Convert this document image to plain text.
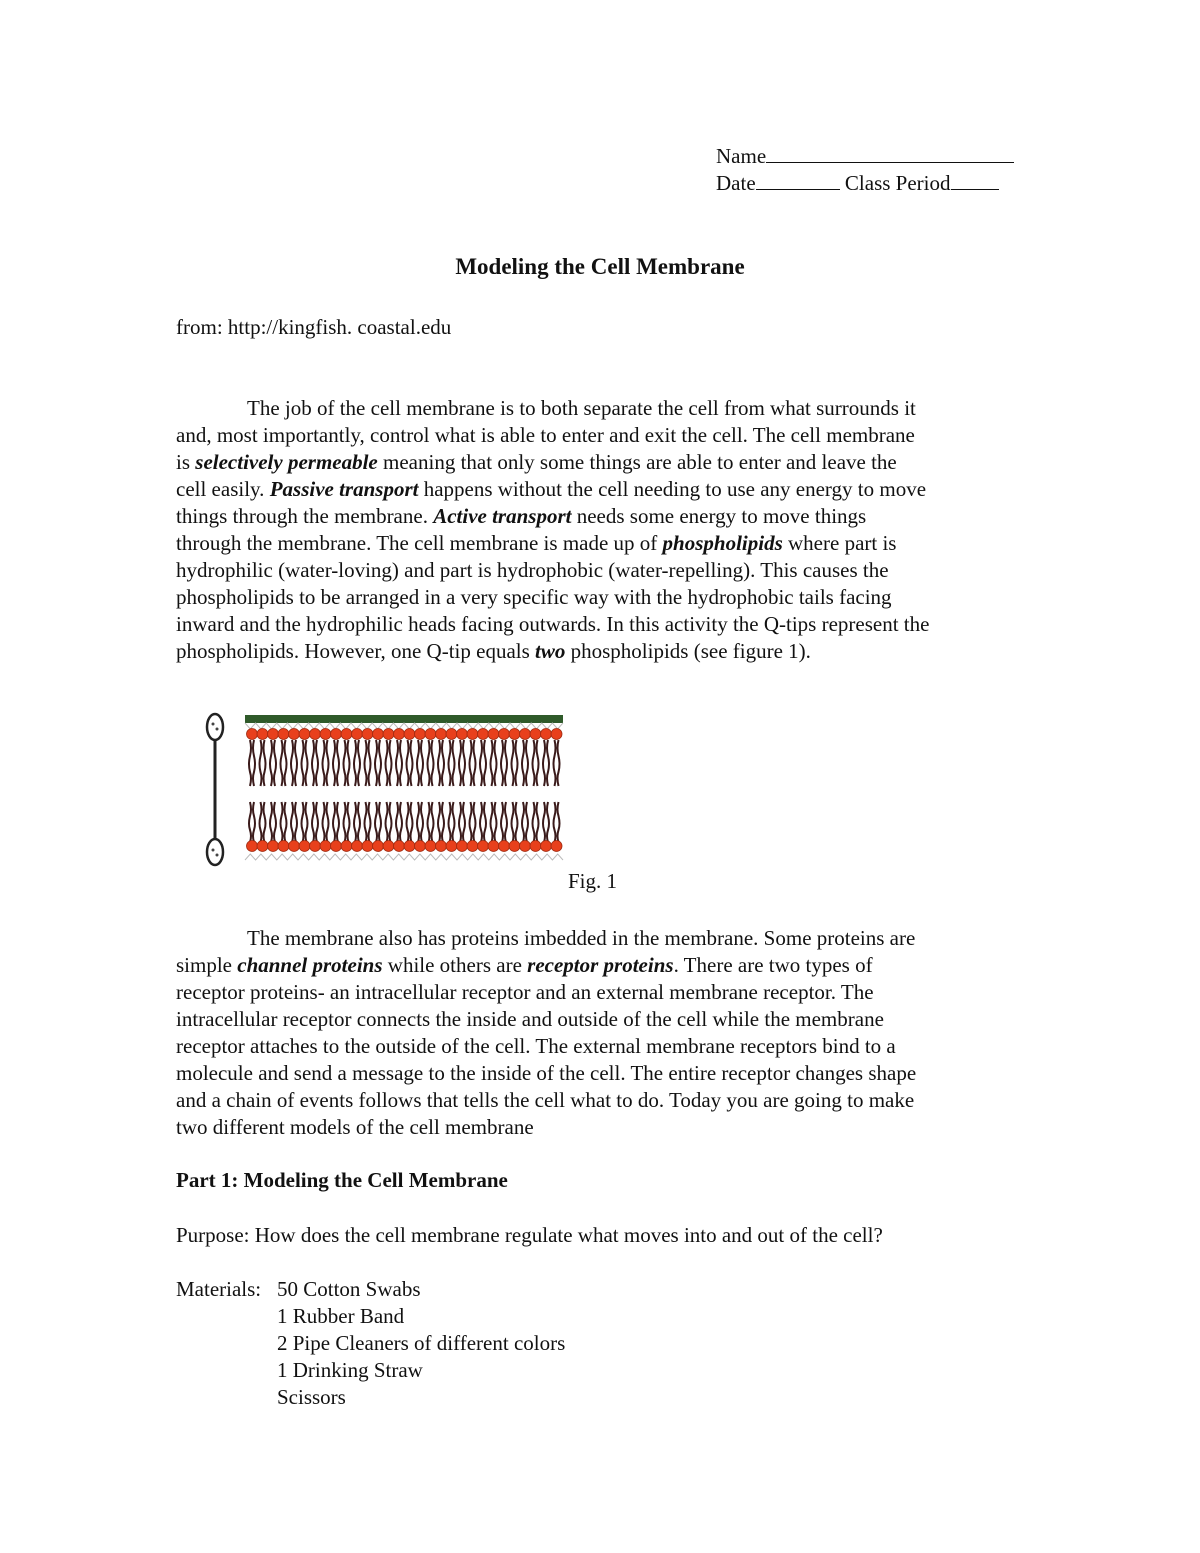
Name
Date	Class Period
Modeling the Cell Membrane
from: http://kingfish. coastal.edu
The job of the cell membrane is to both separate the cell from what surrounds it
and, most importantly, control what is able to enter and exit the cell. The cell membrane
is selectively permeable meaning that only some things are able to enter and leave the
cell easily. Passive transport happens without the cell needing to use any energy to move
things through the membrane. Active transport needs some energy to move things
through the membrane. The cell membrane is made up of phospholipids where part is
hydrophilic (water-loving) and part is hydrophobic (water-repelling). This causes the
phospholipids to be arranged in a very specific way with the hydrophobic tails facing
inward and the hydrophilic heads facing outwards. In this activity the Q-tips represent the
phospholipids. However, one Q-tip equals two phospholipids (see figure 1).
Fig. 1
The membrane also has proteins imbedded in the membrane. Some proteins are
simple channel proteins while others are receptor proteins. There are two types of
receptor proteins- an intracellular receptor and an external membrane receptor. The
intracellular receptor connects the inside and outside of the cell while the membrane
receptor attaches to the outside of the cell. The external membrane receptors bind to a
molecule and send a message to the inside of the cell. The entire receptor changes shape
and a chain of events follows that tells the cell what to do. Today you are going to make
two different models of the cell membrane
Part 1: Modeling the Cell Membrane
Purpose: How does the cell membrane regulate what moves into and out of the cell?
Materials: 50 Cotton Swabs
1 Rubber Band
2 Pipe Cleaners of different colors
1 Drinking Straw
Scissors
